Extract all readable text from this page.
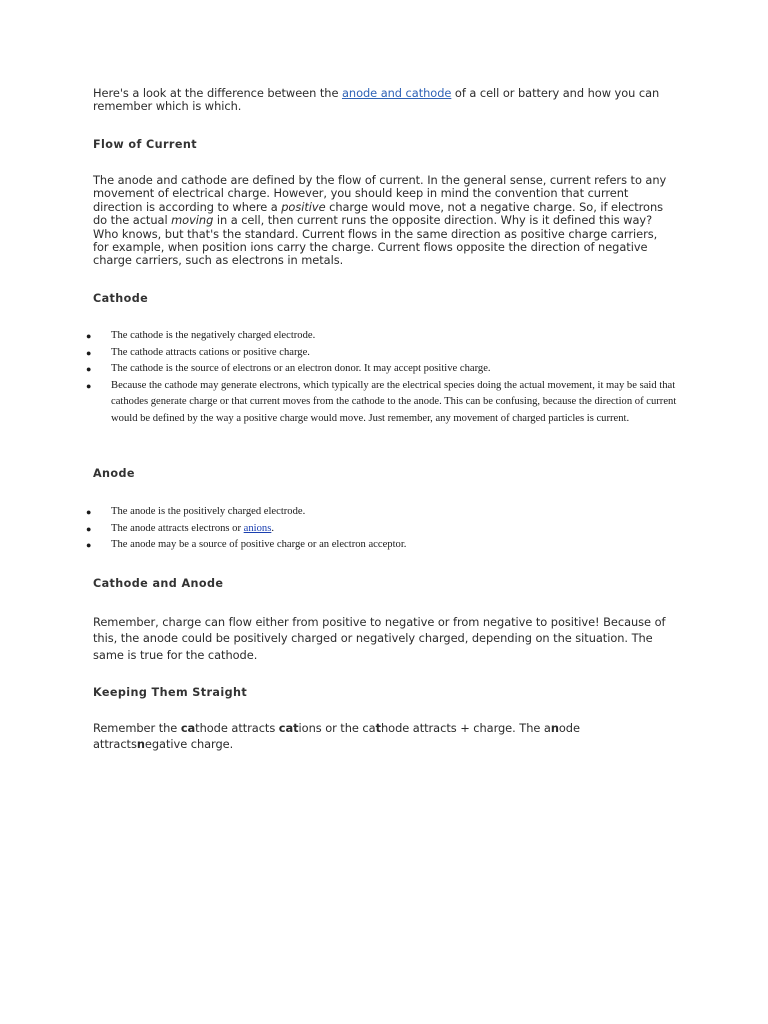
Here's a look at the difference between the anode and cathode of a cell or battery and how you can remember which is which.

Flow of Current

The anode and cathode are defined by the flow of current. In the general sense, current refers to any movement of electrical charge. However, you should keep in mind the convention that current direction is according to where a positive charge would move, not a negative charge. So, if electrons do the actual moving in a cell, then current runs the opposite direction. Why is it defined this way? Who knows, but that's the standard. Current flows in the same direction as positive charge carriers, for example, when position ions carry the charge. Current flows opposite the direction of negative charge carriers, such as electrons in metals.

Cathode
●	The cathode is the negatively charged electrode.
●	The cathode attracts cations or positive charge.
●	The cathode is the source of electrons or an electron donor. It may accept positive charge.
●	Because the cathode may generate electrons, which typically are the electrical species doing the actual movement, it may be said that cathodes generate charge or that current moves from the cathode to the anode. This can be confusing, because the direction of current would be defined by the way a positive charge would move. Just remember, any movement of charged particles is current.
Anode
●	The anode is the positively charged electrode.
●	The anode attracts electrons or anions.
●	The anode may be a source of positive charge or an electron acceptor.
Cathode and Anode

Remember, charge can flow either from positive to negative or from negative to positive! Because of this, the anode could be positively charged or negatively charged, depending on the situation. The same is true for the cathode.

Keeping Them Straight

Remember the cathode attracts cations or the cathode attracts + charge. The anode attractsnegative charge.
